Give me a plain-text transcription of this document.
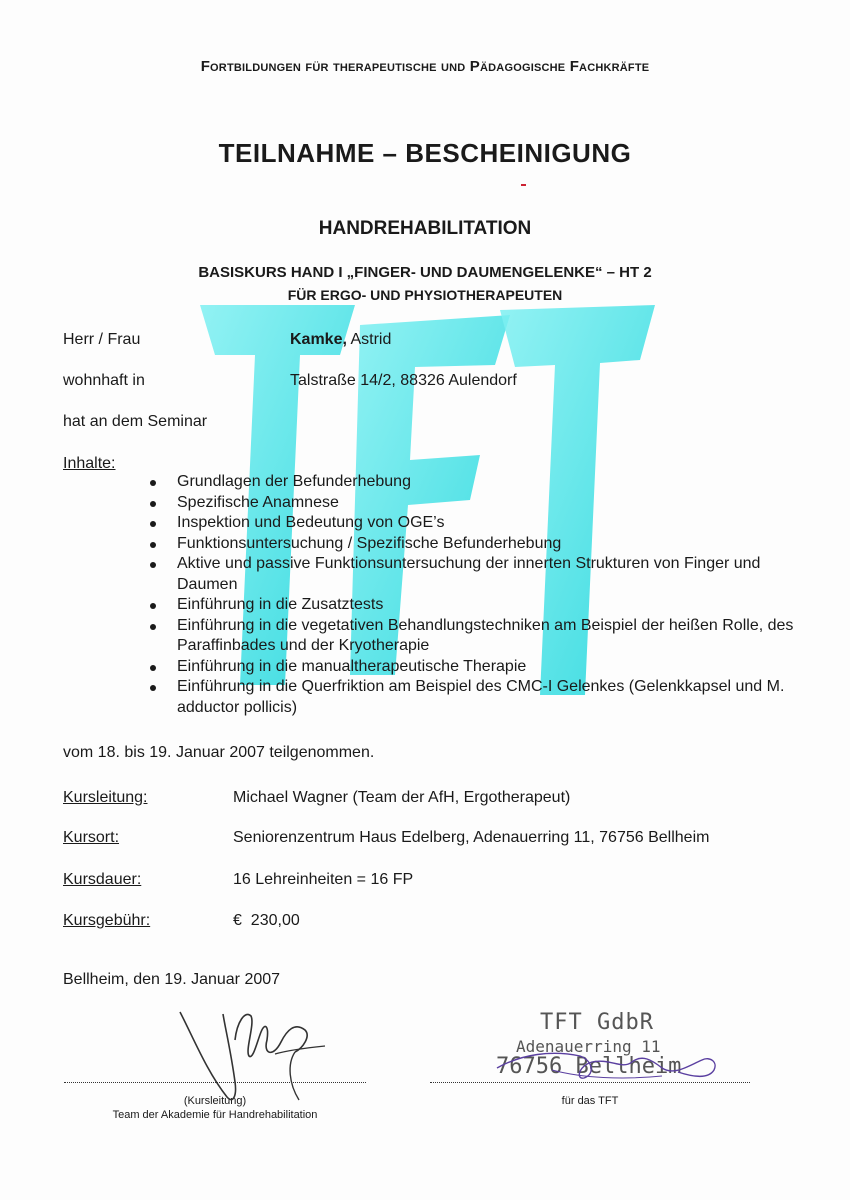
Fortbildungen für therapeutische und Pädagogische Fachkräfte
TEILNAHME – BESCHEINIGUNG
HANDREHABILITATION
BASISKURS HAND I „FINGER- UND DAUMENGELENKE“ – HT 2
FÜR ERGO- UND PHYSIOTHERAPEUTEN
Herr / Frau	Kamke, Astrid
wohnhaft in	Talstraße 14/2, 88326 Aulendorf
hat an dem Seminar
Inhalte:
Grundlagen der Befunderhebung
Spezifische Anamnese
Inspektion und Bedeutung von OGE’s
Funktionsuntersuchung / Spezifische Befunderhebung
Aktive und passive Funktionsuntersuchung der innerten Strukturen von Finger und Daumen
Einführung in die Zusatztests
Einführung in die vegetativen Behandlungstechniken am Beispiel der heißen Rolle, des Paraffinbades und der Kryotherapie
Einführung in die manualtherapeutische Therapie
Einführung in die Querfriktion am Beispiel des CMC-I Gelenkes (Gelenkkapsel und M. adductor pollicis)
vom 18. bis 19. Januar 2007 teilgenommen.
Kursleitung:	Michael Wagner (Team der AfH, Ergotherapeut)
Kursort:	Seniorenzentrum Haus Edelberg, Adenauerring 11, 76756 Bellheim
Kursdauer:	16 Lehreinheiten = 16 FP
Kursgebühr:	€ 230,00
Bellheim, den 19. Januar 2007
(Kursleitung)
Team der Akademie für Handrehabilitation
für das TFT
TFT GdbR
Adenauerring 11
76756 Bellheim
